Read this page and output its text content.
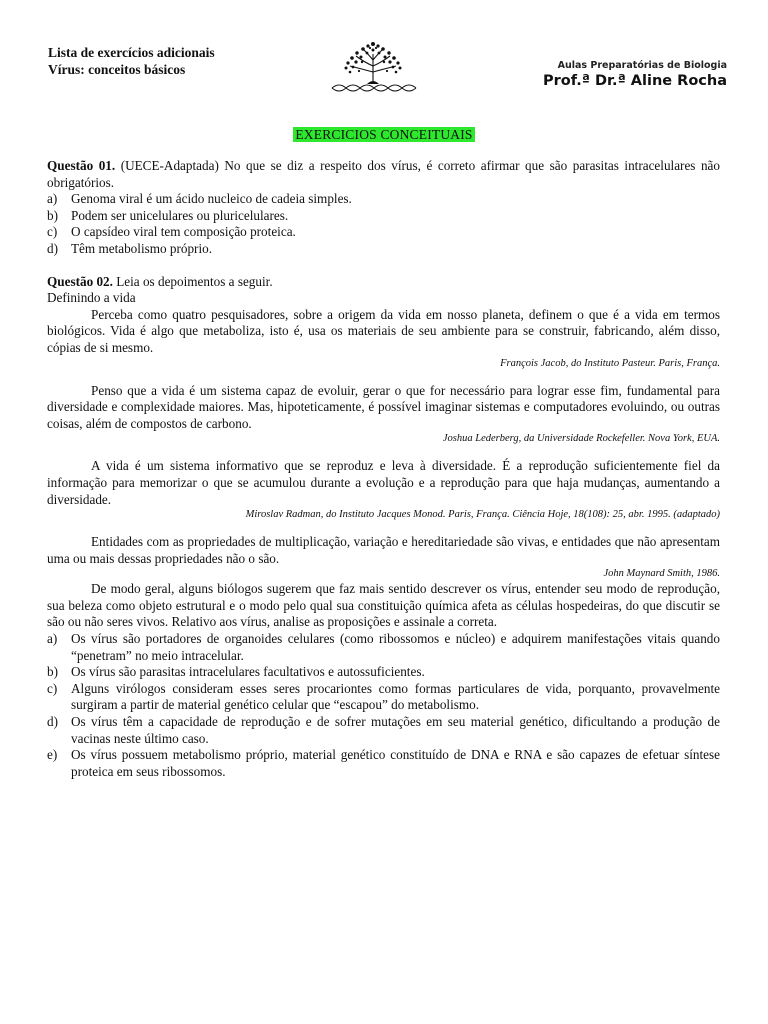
Lista de exercícios adicionais
Vírus: conceitos básicos	Aulas Preparatórias de Biologia
Prof.ª Dr.ª Aline Rocha
EXERCICIOS CONCEITUAIS

Questão 01. (UECE-Adaptada) No que se diz a respeito dos vírus, é correto afirmar que são parasitas intracelulares não obrigatórios.

a)	Genoma viral é um ácido nucleico de cadeia simples.
b) Podem ser unicelulares ou pluricelulares.
c)	O capsídeo viral tem composição proteica.
d) Têm metabolismo próprio.

Questão 02. Leia os depoimentos a seguir.

Definindo a vida

Perceba como quatro pesquisadores, sobre a origem da vida em nosso planeta, definem o que é a vida em termos biológicos. Vida é algo que metaboliza, isto é, usa os materiais de seu ambiente para se construir, fabricando, além disso, cópias de si mesmo.

François Jacob, do Instituto Pasteur. Paris, França.

Penso que a vida é um sistema capaz de evoluir, gerar o que for necessário para lograr esse fim, fundamental para diversidade e complexidade maiores. Mas, hipoteticamente, é possível imaginar sistemas e computadores evoluindo, ou outras coisas, além de compostos de carbono.

Joshua Lederberg, da Universidade Rockefeller. Nova York, EUA.

A vida é um sistema informativo que se reproduz e leva à diversidade. É a reprodução suficientemente fiel da informação para memorizar o que se acumulou durante a evolução e a reprodução para que haja mudanças, aumentando a diversidade.

Miroslav Radman, do Instituto Jacques Monod. Paris, França. Ciência Hoje, 18(108): 25, abr. 1995. (adaptado)

Entidades com as propriedades de multiplicação, variação e hereditariedade são vivas, e entidades que não apresentam uma ou mais dessas propriedades não o são.

John Maynard Smith, 1986.

De modo geral, alguns biólogos sugerem que faz mais sentido descrever os vírus, entender seu modo de reprodução, sua beleza como objeto estrutural e o modo pelo qual sua constituição química afeta as células hospedeiras, do que discutir se são ou não seres vivos. Relativo aos vírus, analise as proposições e assinale a correta.

a)	Os vírus são portadores de organoides celulares (como ribossomos e núcleo) e adquirem manifestações vitais quando “penetram” no meio intracelular.
b) Os vírus são parasitas intracelulares facultativos e autossuficientes.
c)	Alguns virólogos consideram esses seres procariontes como formas particulares de vida, porquanto, provavelmente surgiram a partir de material genético celular que “escapou” do metabolismo.
d) Os vírus têm a capacidade de reprodução e de sofrer mutações em seu material genético, dificultando a produção de vacinas neste último caso.
e)	Os vírus possuem metabolismo próprio, material genético constituído de DNA e RNA e são capazes de efetuar síntese proteica em seus ribossomos.
